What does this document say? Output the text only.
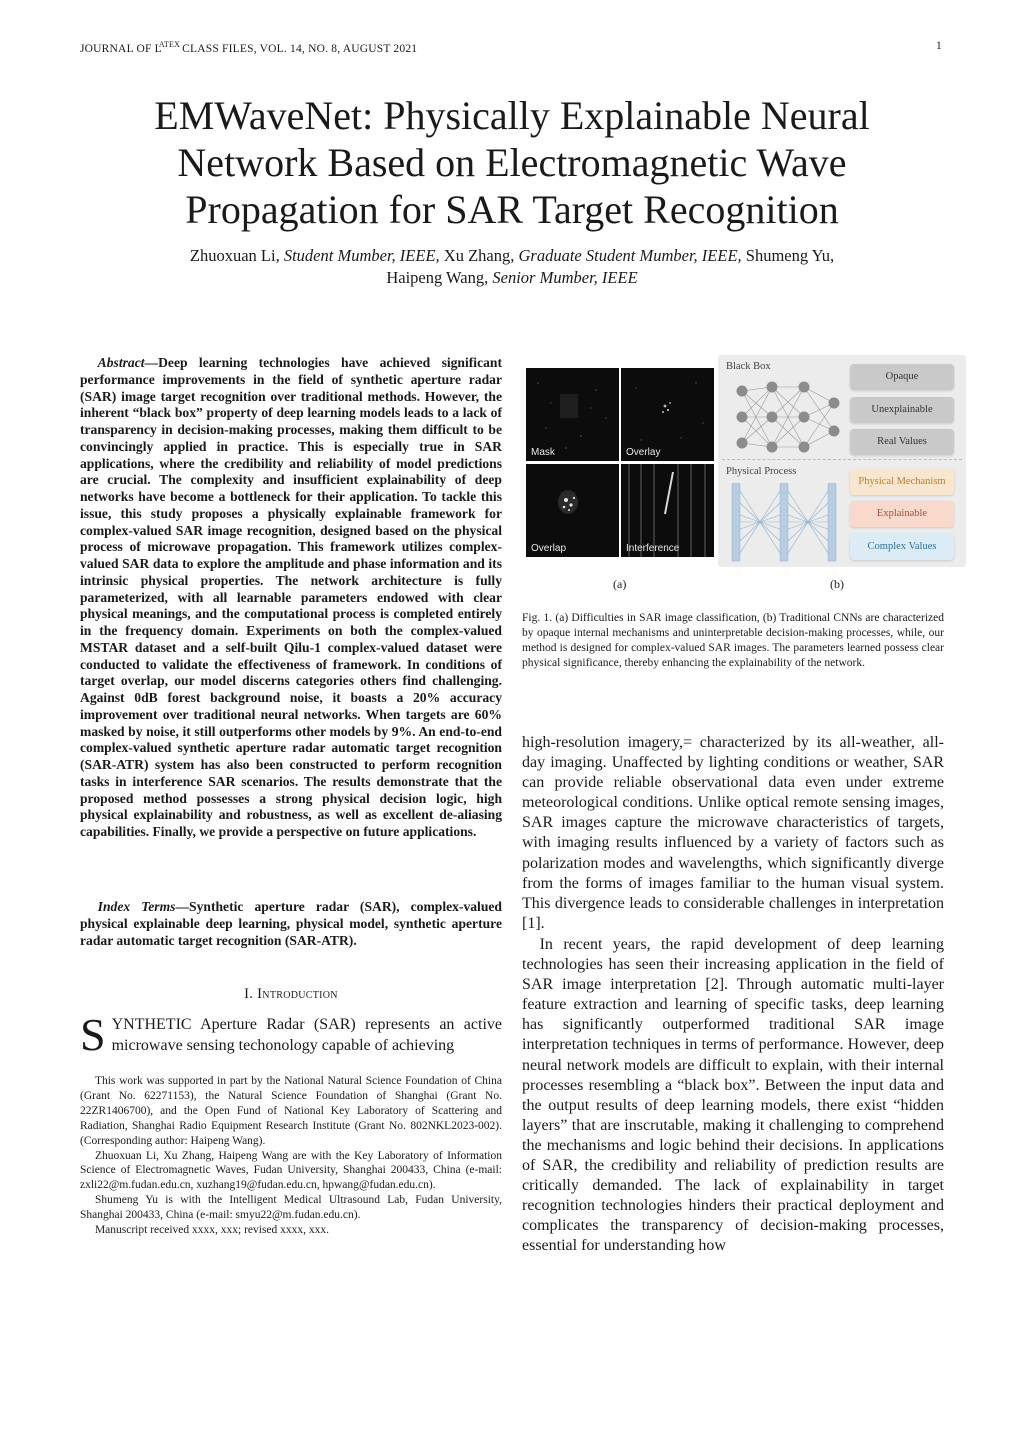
JOURNAL OF $L^{ATEX}$ CLASS FILES, VOL. 14, NO. 8, AUGUST 2021	1
EMWaveNet: Physically Explainable Neural Network Based on Electromagnetic Wave Propagation for SAR Target Recognition
Zhuoxuan Li, Student Mumber, IEEE, Xu Zhang, Graduate Student Mumber, IEEE, Shumeng Yu,
Haipeng Wang, Senior Mumber, IEEE

Abstract—Deep learning technologies have achieved significant performance improvements in the field of synthetic aperture radar (SAR) image target recognition over traditional methods. However, the inherent “black box” property of deep learning models leads to a lack of transparency in decision-making processes, making them difficult to be convincingly applied in practice. This is especially true in SAR applications, where the credibility and reliability of model predictions are crucial. The complexity and insufficient explainability of deep networks have become a bottleneck for their application. To tackle this issue, this study proposes a physically explainable framework for complex-valued SAR image recognition, designed based on the physical process of microwave propagation. This framework utilizes complex-valued SAR data to explore the amplitude and phase information and its intrinsic physical properties. The network architecture is fully parameterized, with all learnable parameters endowed with clear physical meanings, and the computational process is completed entirely in the frequency domain. Experiments on both the complex-valued MSTAR dataset and a self-built Qilu-1 complex-valued dataset were conducted to validate the effectiveness of framework. In conditions of target overlap, our model discerns categories others find challenging. Against 0dB forest background noise, it boasts a 20% accuracy improvement over traditional neural networks. When targets are 60% masked by noise, it still outperforms other models by 9%. An end-to-end complex-valued synthetic aperture radar automatic target recognition (SAR-ATR) system has also been constructed to perform recognition tasks in interference SAR scenarios. The results demonstrate that the proposed method possesses a strong physical decision logic, high physical explainability and robustness, as well as excellent de-aliasing capabilities. Finally, we provide a perspective on future applications.

Index Terms—Synthetic aperture radar (SAR), complex-valued physical explainable deep learning, physical model, synthetic aperture radar automatic target recognition (SAR-ATR).

I. Introduction

SYNTHETIC Aperture Radar (SAR) represents an active microwave sensing techonology capable of achieving

This work was supported in part by the National Natural Science Foundation of China (Grant No. 62271153), the Natural Science Foundation of Shanghai (Grant No. 22ZR1406700), and the Open Fund of National Key Laboratory of Scattering and Radiation, Shanghai Radio Equipment Research Institute (Grant No. 802NKL2023-002). (Corresponding author: Haipeng Wang).

Zhuoxuan Li, Xu Zhang, Haipeng Wang are with the Key Laboratory of Information Science of Electromagnetic Waves, Fudan University, Shanghai 200433, China (e-mail: zxli22@m.fudan.edu.cn, xuzhang19@fudan.edu.cn, hpwang@fudan.edu.cn).

Shumeng Yu is with the Intelligent Medical Ultrasound Lab, Fudan University, Shanghai 200433, China (e-mail: smyu22@m.fudan.edu.cn).

Manuscript received xxxx, xxx; revised xxxx, xxx.

Mask	Overlay
Overlap	Interference
Black Box
Opaque
Unexplainable
Real Values
Physical Process
Physical Mechanism
Explainable
Complex Values
(a)	(b)

Fig. 1. (a) Difficulties in SAR image classification, (b) Traditional CNNs are characterized by opaque internal mechanisms and uninterpretable decision-making processes, while, our method is designed for complex-valued SAR images. The parameters learned possess clear physical significance, thereby enhancing the explainability of the network.

high-resolution imagery,= characterized by its all-weather, all-day imaging. Unaffected by lighting conditions or weather, SAR can provide reliable observational data even under extreme meteorological conditions. Unlike optical remote sensing images, SAR images capture the microwave characteristics of targets, with imaging results influenced by a variety of factors such as polarization modes and wavelengths, which significantly diverge from the forms of images familiar to the human visual system. This divergence leads to considerable challenges in interpretation [1].

In recent years, the rapid development of deep learning technologies has seen their increasing application in the field of SAR image interpretation [2]. Through automatic multi-layer feature extraction and learning of specific tasks, deep learning has significantly outperformed traditional SAR image interpretation techniques in terms of performance. However, deep neural network models are difficult to explain, with their internal processes resembling a “black box”. Between the input data and the output results of deep learning models, there exist “hidden layers” that are inscrutable, making it challenging to comprehend the mechanisms and logic behind their decisions. In applications of SAR, the credibility and reliability of prediction results are critically demanded. The lack of explainability in target recognition technologies hinders their practical deployment and complicates the transparency of decision-making processes, essential for understanding how
